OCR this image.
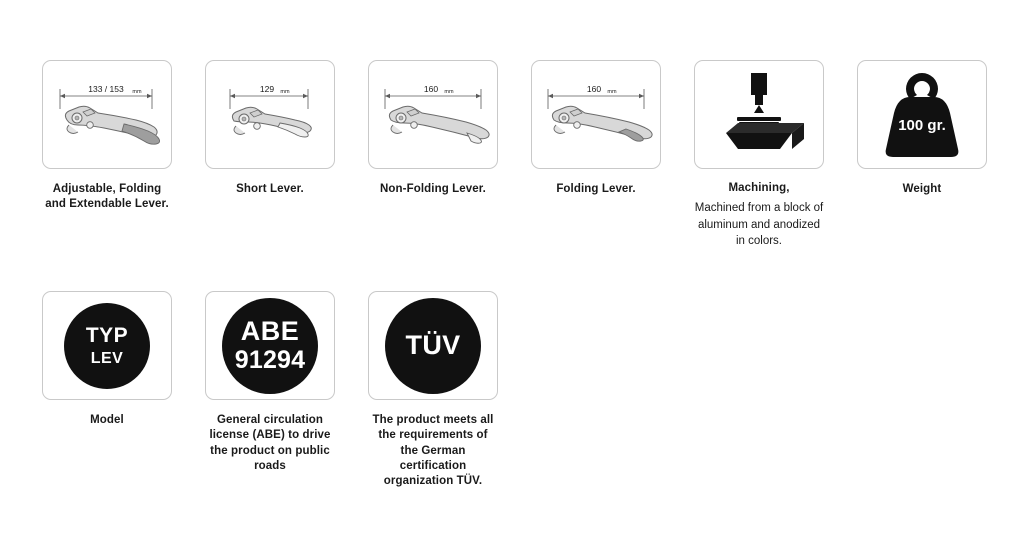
133 / 153 mm
Adjustable, Folding and Extendable Lever.
129 mm
Short Lever.
160 mm
Non-Folding Lever.
160 mm
Folding Lever.	Machining,
Machined from a block of aluminum and anodized in colors.
100 gr.
Weight
TYP
LEV
Model
ABE
91294
General circulation license (ABE) to drive the product on public roads
TÜV
The product meets all the requirements of the German certification organization TÜV.
